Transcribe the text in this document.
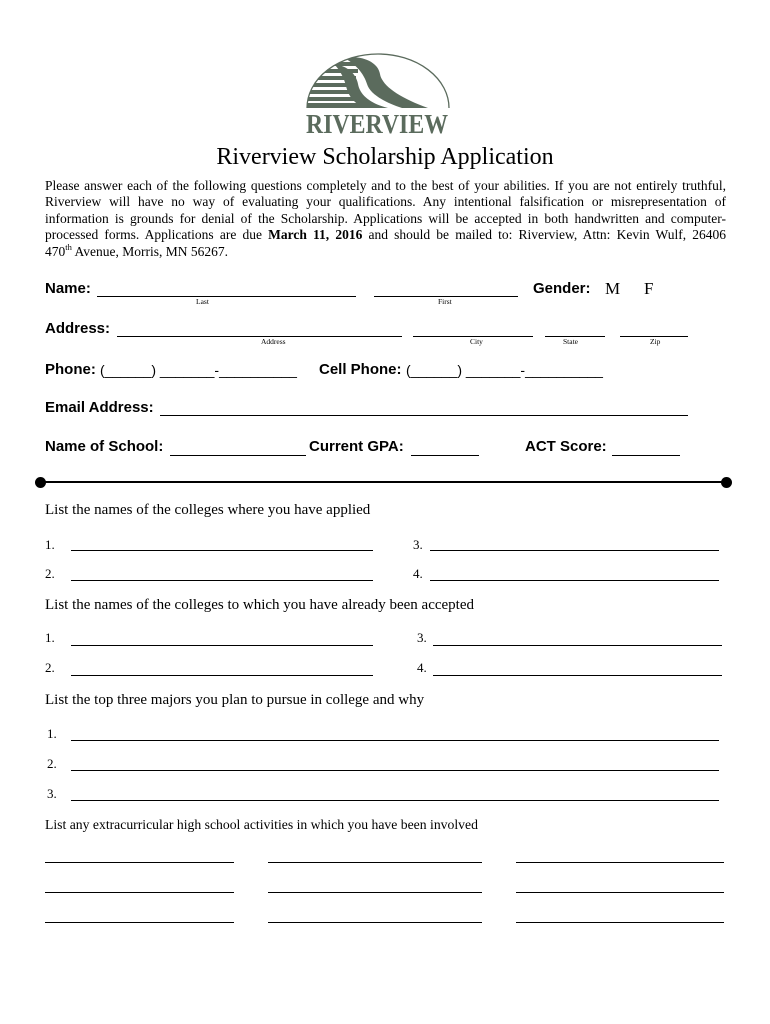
RIVERVIEW
Riverview Scholarship Application
Please answer each of the following questions completely and to the best of your abilities. If you are not entirely truthful,
Riverview will have no way of evaluating your qualifications. Any intentional falsification or misrepresentation of
information is grounds for denial of the Scholarship. Applications will be accepted in both handwritten and computer-
processed forms. Applications are due March 11, 2016 and should be mailed to: Riverview, Attn: Kevin Wulf, 26406
470th Avenue, Morris, MN 56267.
Name:
Last	First
Gender: M F
Address:
Address	City	State	Zip
Phone: (______) _______-__________ Cell Phone: (______) _______-__________
Email Address:
Name of School:	Current GPA:	ACT Score:
List the names of the colleges where you have applied
1.	3.
2.	4.
List the names of the colleges to which you have already been accepted
1.	3.
2.	4.
List the top three majors you plan to pursue in college and why
1.
2.
3.
List any extracurricular high school activities in which you have been involved
